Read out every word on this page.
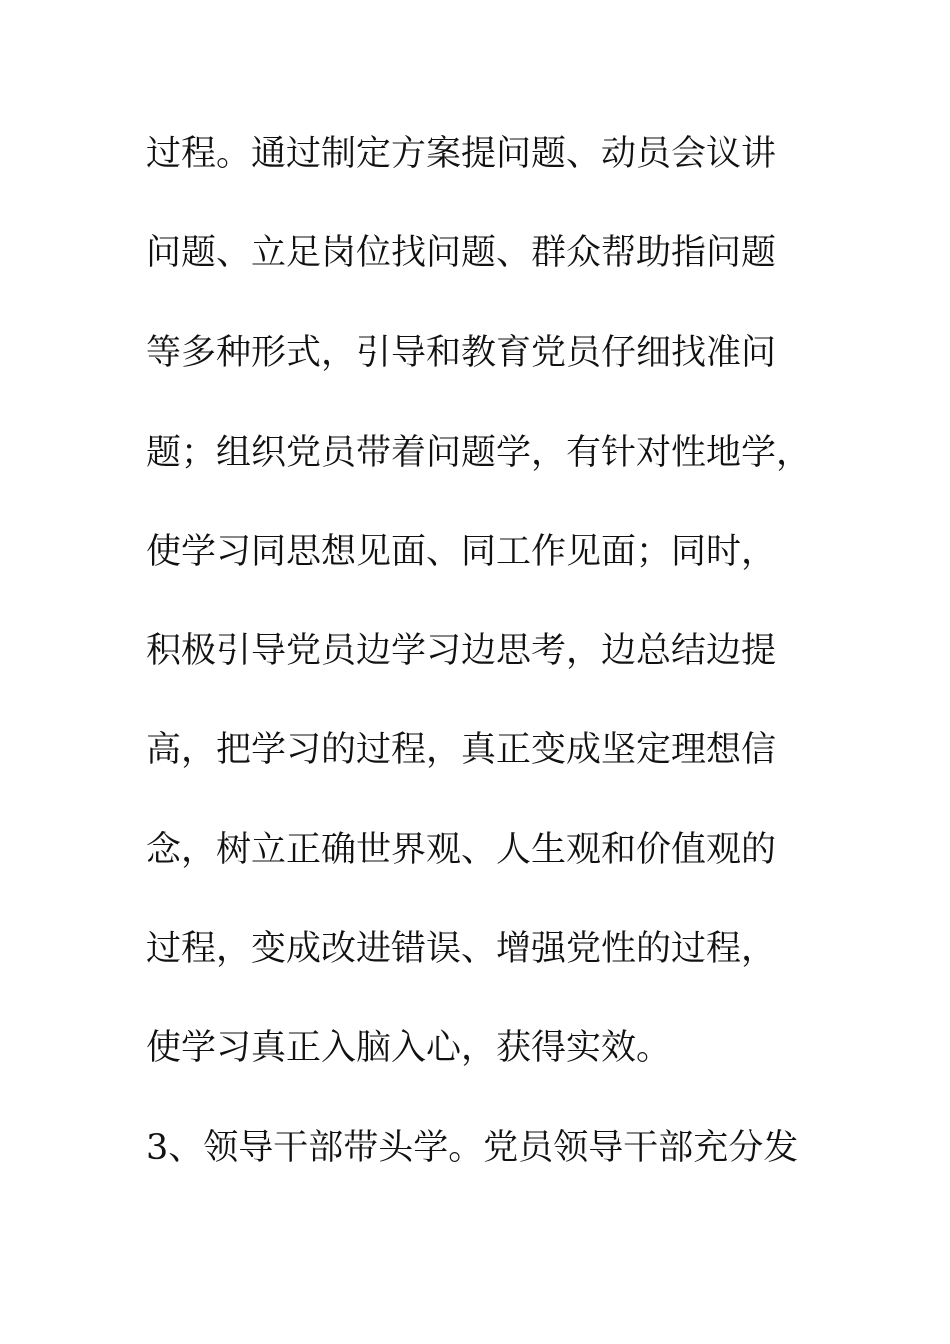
过程。通过制定方案提问题、动员会议讲

问题、立足岗位找问题、群众帮助指问题

等多种形式，引导和教育党员仔细找准问

题；组织党员带着问题学，有针对性地学，

使学习同思想见面、同工作见面；同时，

积极引导党员边学习边思考，边总结边提

高，把学习的过程，真正变成坚定理想信

念，树立正确世界观、人生观和价值观的

过程，变成改进错误、增强党性的过程，

使学习真正入脑入心，获得实效。

3、领导干部带头学。党员领导干部充分发
